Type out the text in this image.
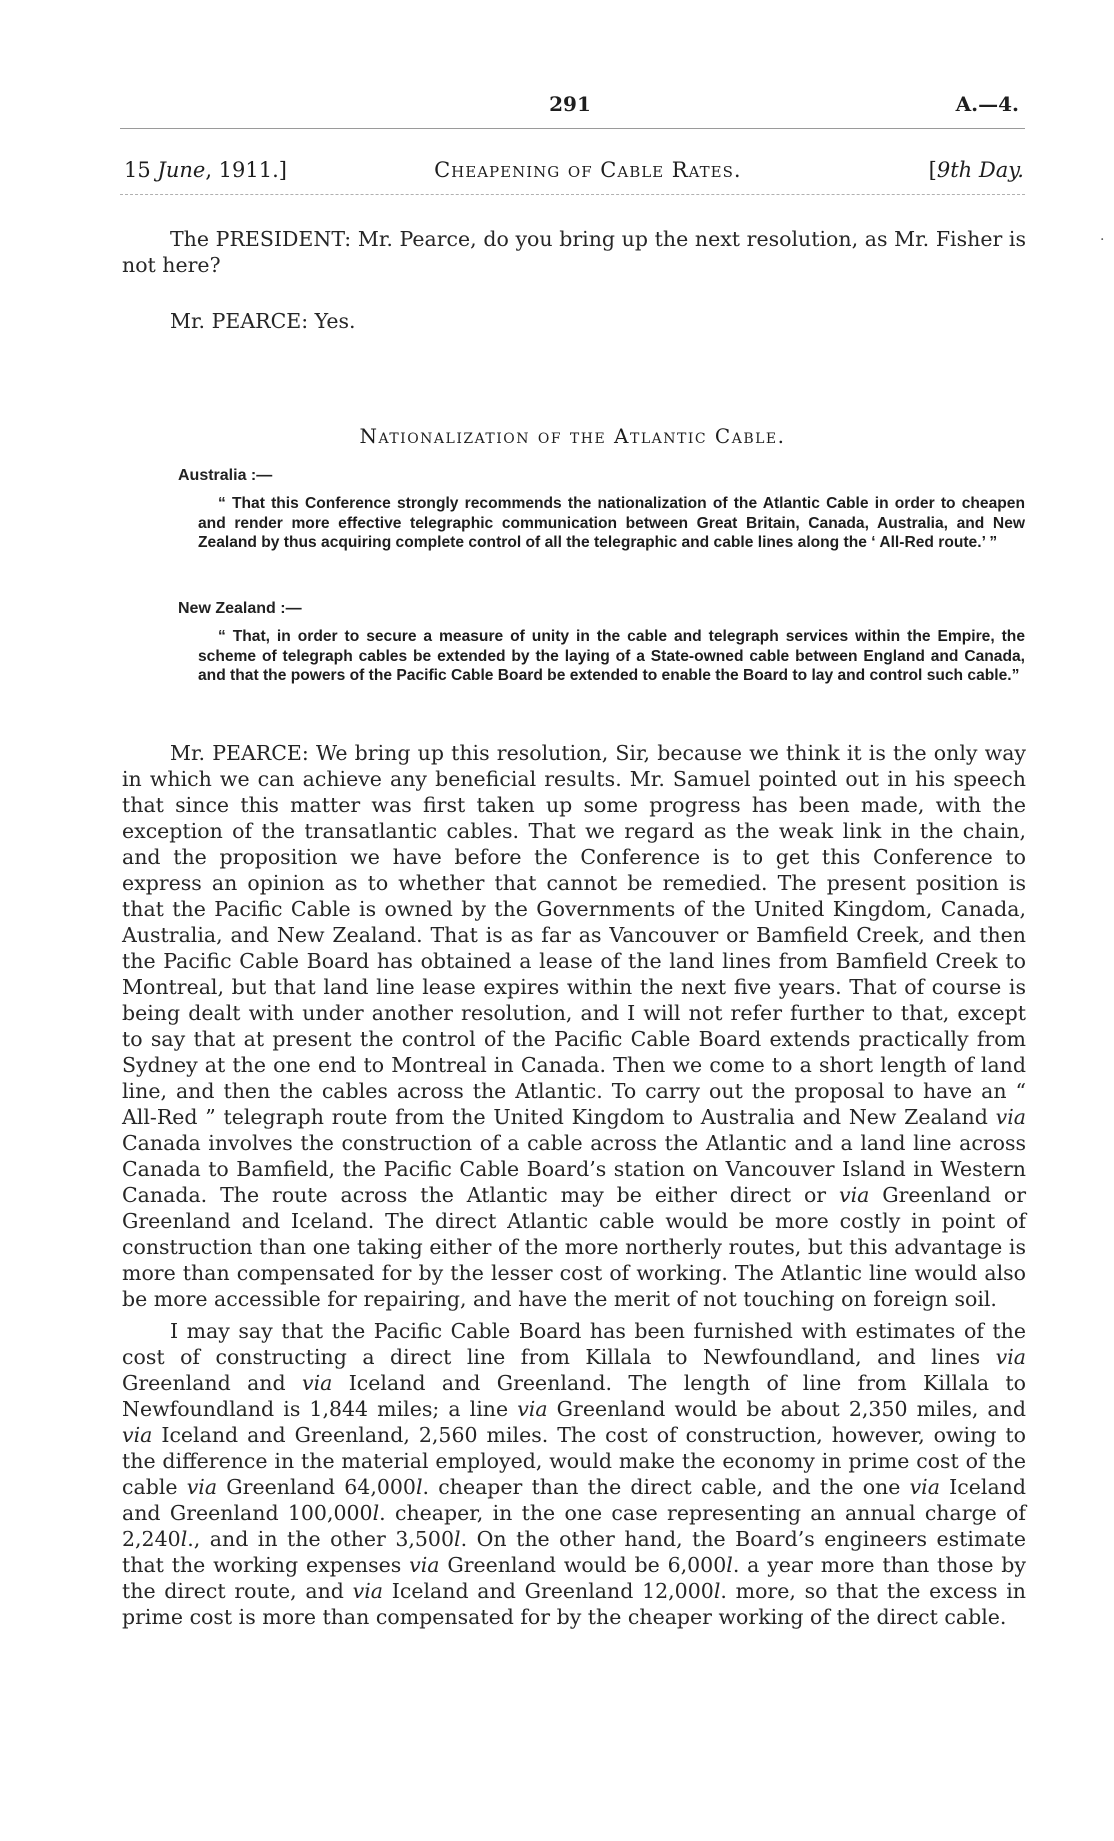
291	A.—4.
15 June, 1911.]	Cheapening of Cable Rates.	[9th Day.
The PRESIDENT: Mr. Pearce, do you bring up the next resolution, as Mr. Fisher is not here?
Mr. PEARCE: Yes.
Nationalization of the Atlantic Cable.
Australia :—
“ That this Conference strongly recommends the nationalization of the Atlantic Cable in order to cheapen and render more effective telegraphic communication between Great Britain, Canada, Australia, and New Zealand by thus acquiring complete control of all the telegraphic and cable lines along the ‘ All-Red route.’ ”
New Zealand :—
“ That, in order to secure a measure of unity in the cable and telegraph services within the Empire, the scheme of telegraph cables be extended by the laying of a State-owned cable between England and Canada, and that the powers of the Pacific Cable Board be extended to enable the Board to lay and control such cable.”

Mr. PEARCE: We bring up this resolution, Sir, because we think it is the only way in which we can achieve any beneficial results. Mr. Samuel pointed out in his speech that since this matter was first taken up some progress has been made, with the exception of the transatlantic cables. That we regard as the weak link in the chain, and the proposition we have before the Conference is to get this Conference to express an opinion as to whether that cannot be remedied. The present position is that the Pacific Cable is owned by the Governments of the United Kingdom, Canada, Australia, and New Zealand. That is as far as Vancouver or Bamfield Creek, and then the Pacific Cable Board has obtained a lease of the land lines from Bamfield Creek to Montreal, but that land line lease expires within the next five years. That of course is being dealt with under another resolution, and I will not refer further to that, except to say that at present the control of the Pacific Cable Board extends practically from Sydney at the one end to Montreal in Canada. Then we come to a short length of land line, and then the cables across the Atlantic. To carry out the proposal to have an “ All-Red ” telegraph route from the United Kingdom to Australia and New Zealand via Canada involves the construction of a cable across the Atlantic and a land line across Canada to Bamfield, the Pacific Cable Board’s station on Vancouver Island in Western Canada. The route across the Atlantic may be either direct or via Greenland or Greenland and Iceland. The direct Atlantic cable would be more costly in point of construction than one taking either of the more northerly routes, but this advantage is more than compensated for by the lesser cost of working. The Atlantic line would also be more accessible for repairing, and have the merit of not touching on foreign soil.

I may say that the Pacific Cable Board has been furnished with estimates of the cost of constructing a direct line from Killala to Newfoundland, and lines via Greenland and via Iceland and Greenland. The length of line from Killala to Newfoundland is 1,844 miles; a line via Greenland would be about 2,350 miles, and via Iceland and Greenland, 2,560 miles. The cost of construction, however, owing to the difference in the material employed, would make the economy in prime cost of the cable via Greenland 64,000l. cheaper than the direct cable, and the one via Iceland and Greenland 100,000l. cheaper, in the one case representing an annual charge of 2,240l., and in the other 3,500l. On the other hand, the Board’s engineers estimate that the working expenses via Greenland would be 6,000l. a year more than those by the direct route, and via Iceland and Greenland 12,000l. more, so that the excess in prime cost is more than compensated for by the cheaper working of the direct cable.

·
